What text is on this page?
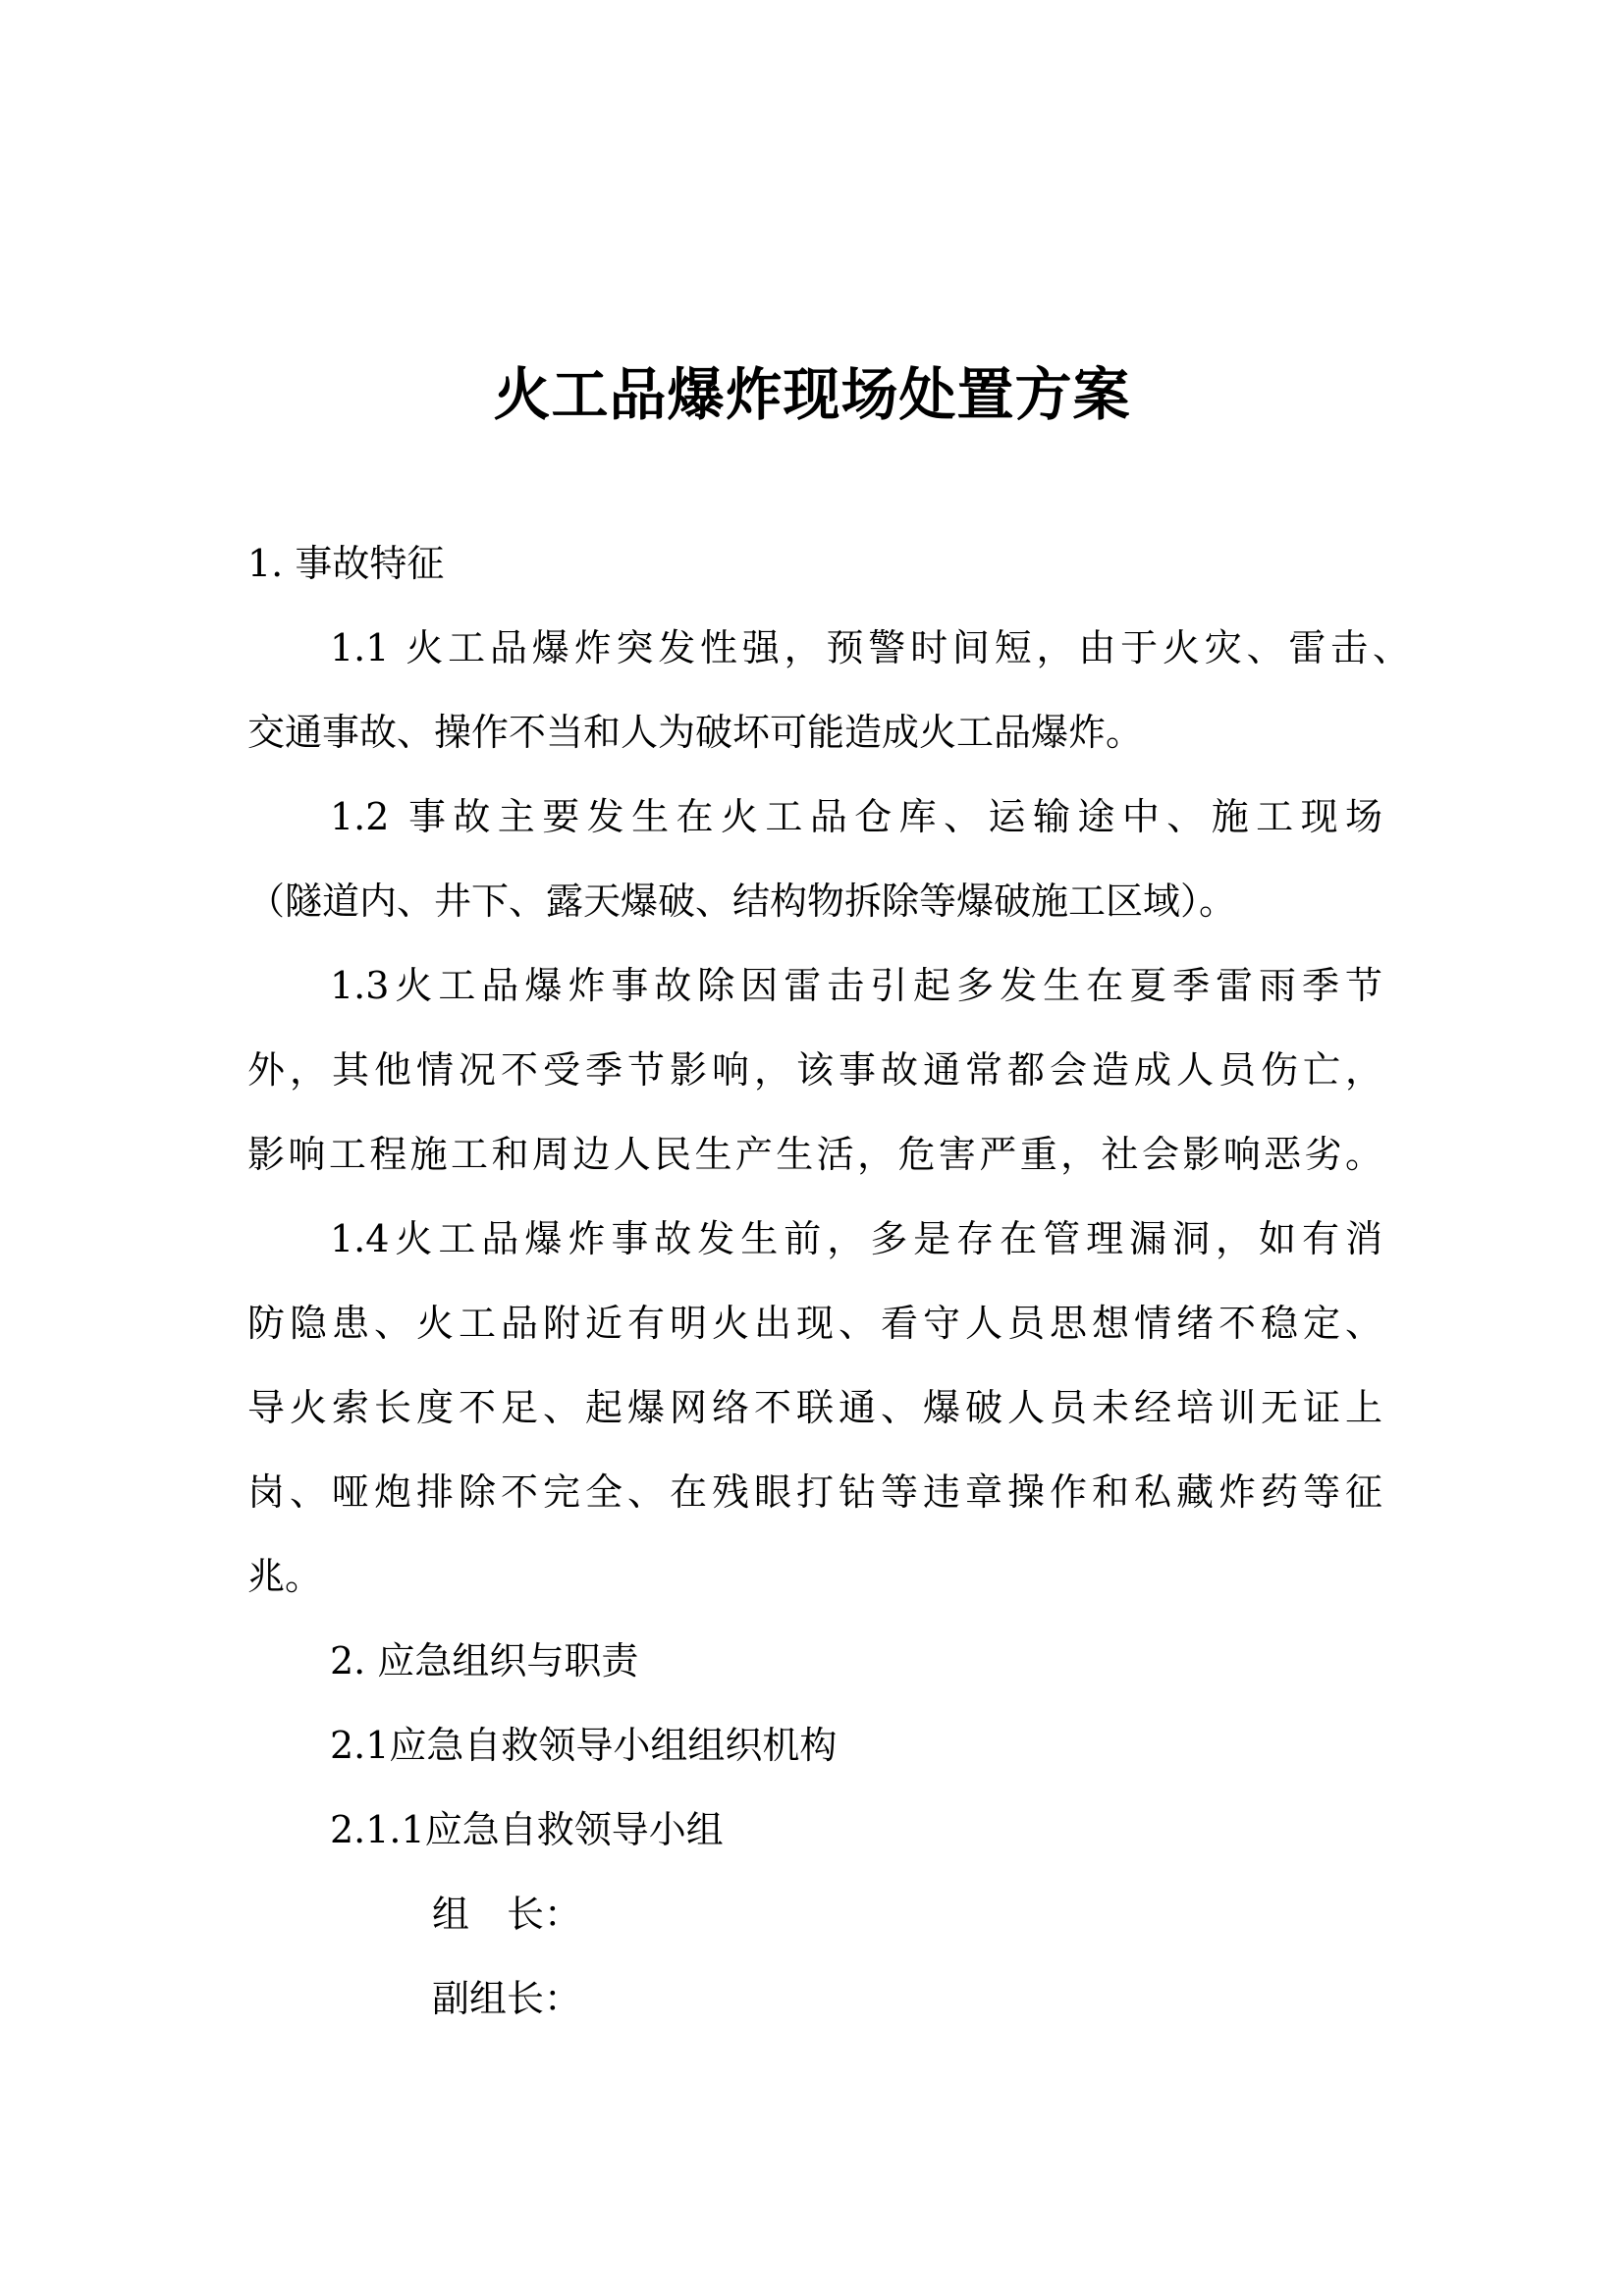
火工品爆炸现场处置方案
1. 事故特征
1.1 火工品爆炸突发性强，预警时间短，由于火灾、雷击、
交通事故、操作不当和人为破坏可能造成火工品爆炸。
1.2 事故主要发生在火工品仓库、运输途中、施工现场
（隧道内、井下、露天爆破、结构物拆除等爆破施工区域）。
1.3火工品爆炸事故除因雷击引起多发生在夏季雷雨季节
外，其他情况不受季节影响，该事故通常都会造成人员伤亡，
影响工程施工和周边人民生产生活，危害严重，社会影响恶劣。
1.4火工品爆炸事故发生前，多是存在管理漏洞，如有消
防隐患、火工品附近有明火出现、看守人员思想情绪不稳定、
导火索长度不足、起爆网络不联通、爆破人员未经培训无证上
岗、哑炮排除不完全、在残眼打钻等违章操作和私藏炸药等征
兆。
2. 应急组织与职责
2.1应急自救领导小组组织机构
2.1.1应急自救领导小组
组　长：
副组长：
